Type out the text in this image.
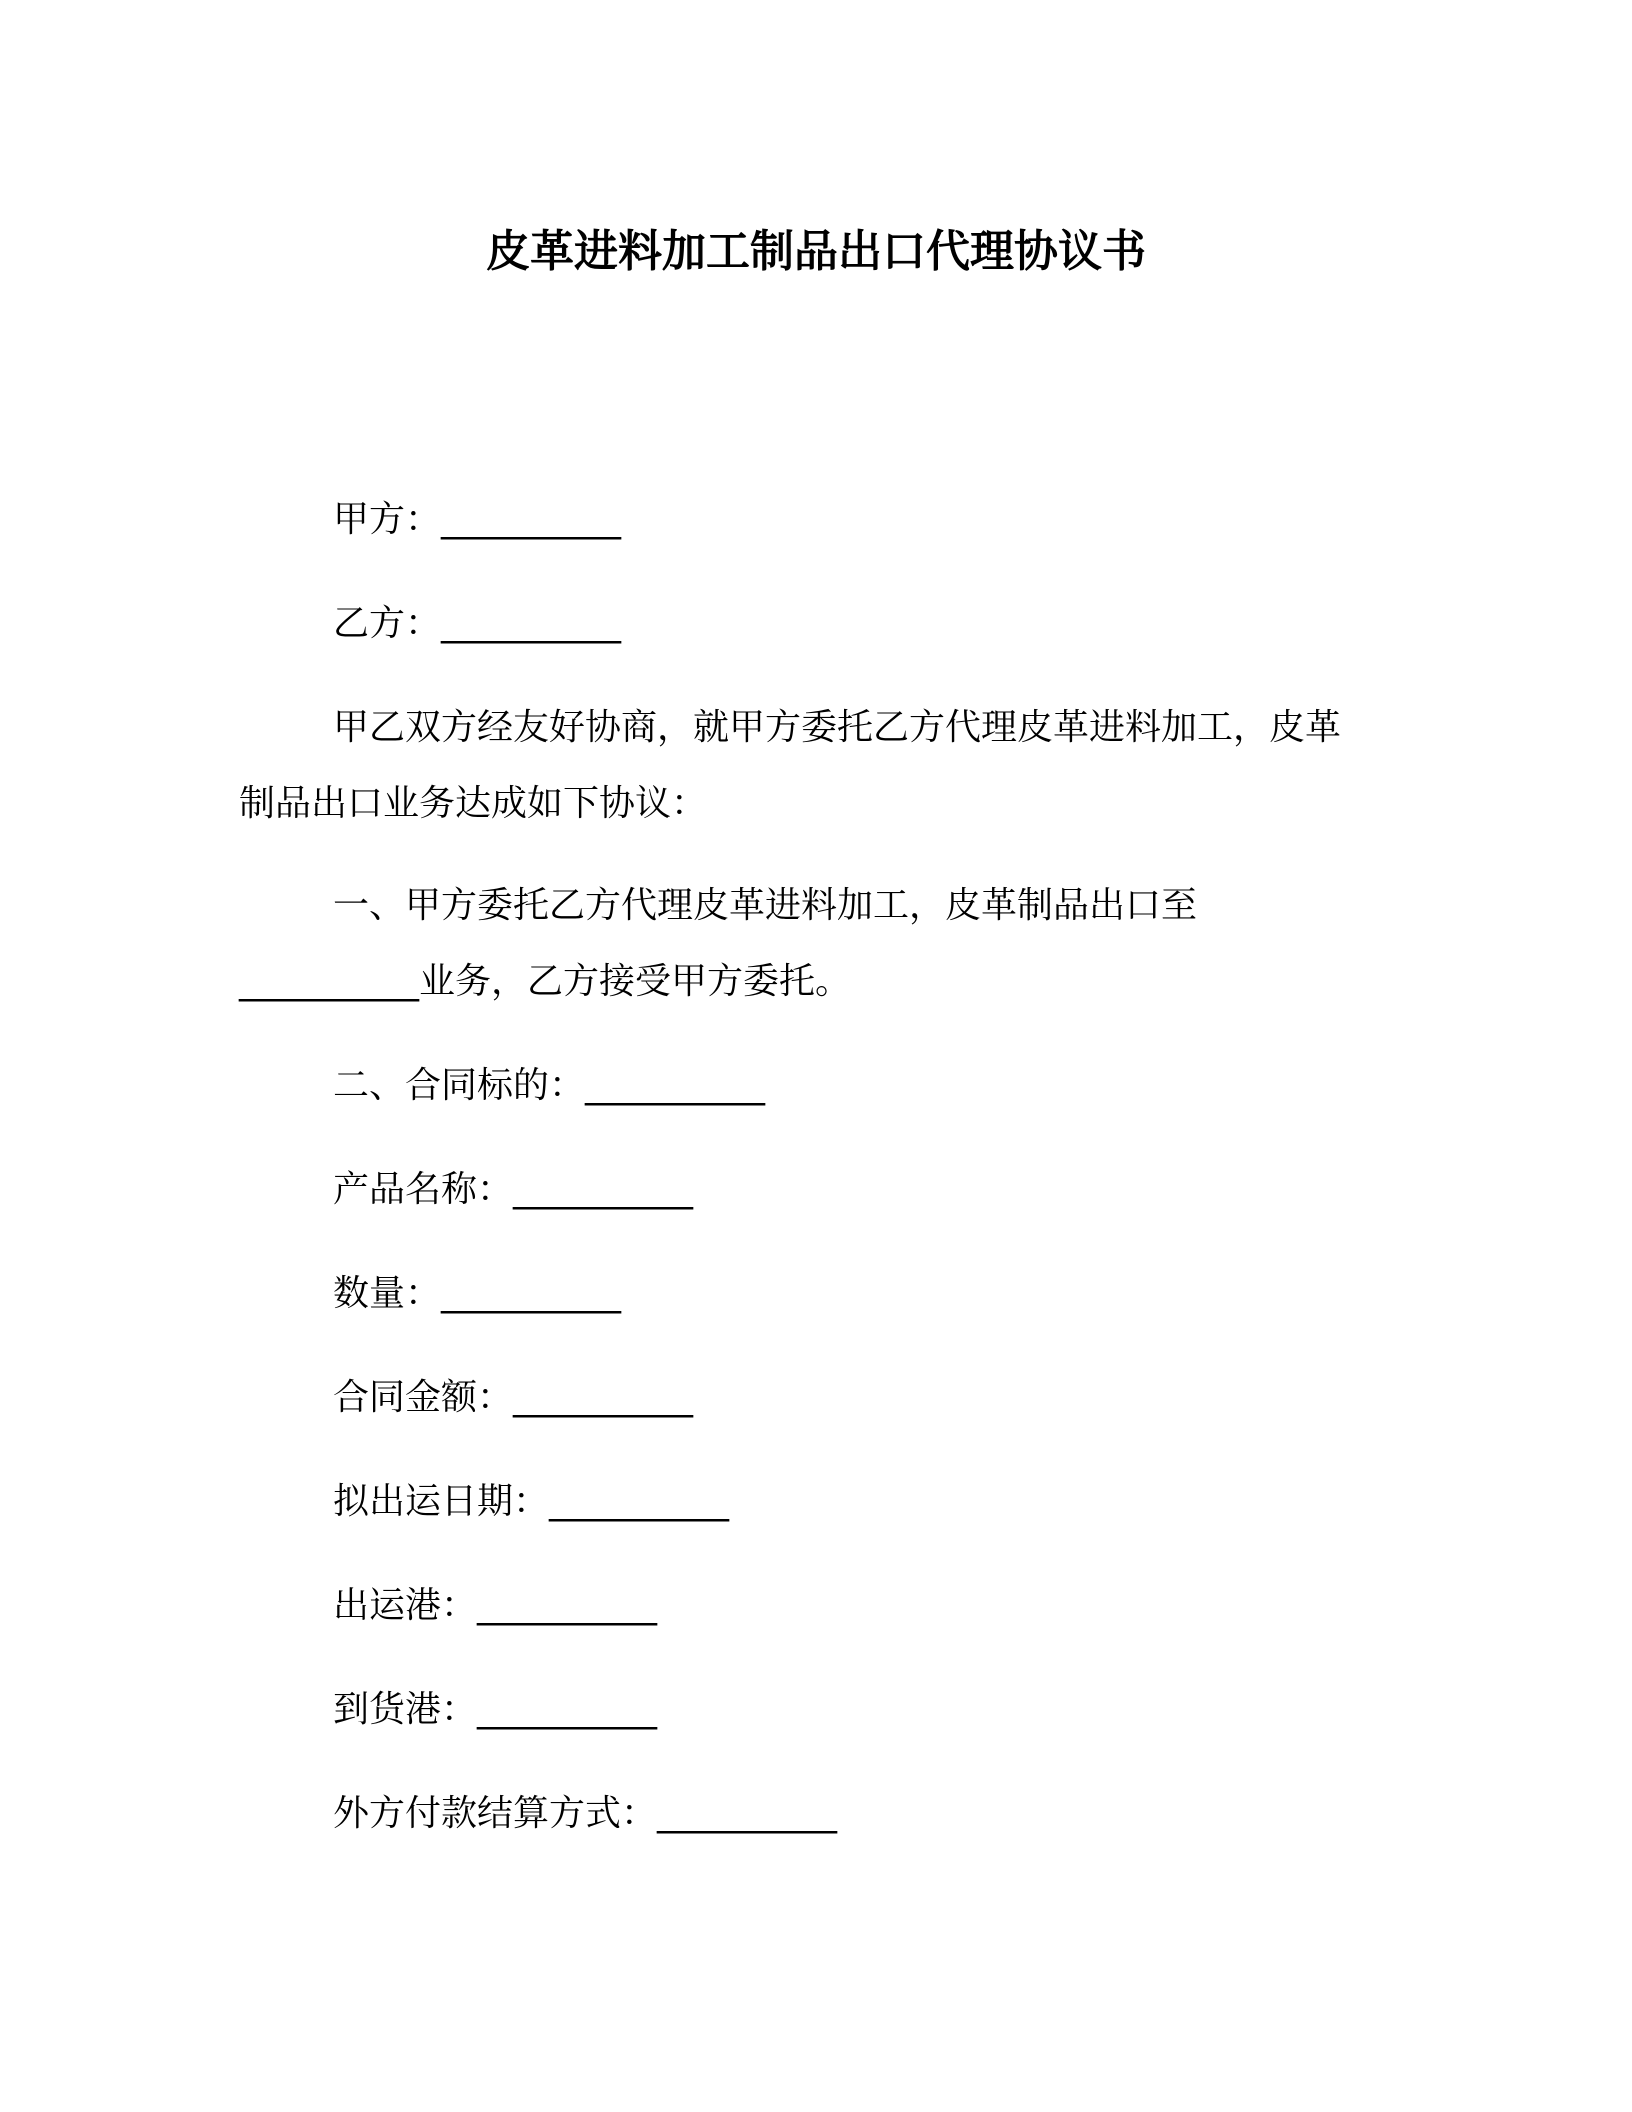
皮革进料加工制品出口代理协议书
甲方：__________
乙方：__________
甲乙双方经友好协商，就甲方委托乙方代理皮革进料加工，皮革
制品出口业务达成如下协议：
一、甲方委托乙方代理皮革进料加工，皮革制品出口至
__________业务，乙方接受甲方委托。
二、合同标的：__________
产品名称：__________
数量：__________
合同金额：__________
拟出运日期：__________
出运港：__________
到货港：__________
外方付款结算方式：__________
